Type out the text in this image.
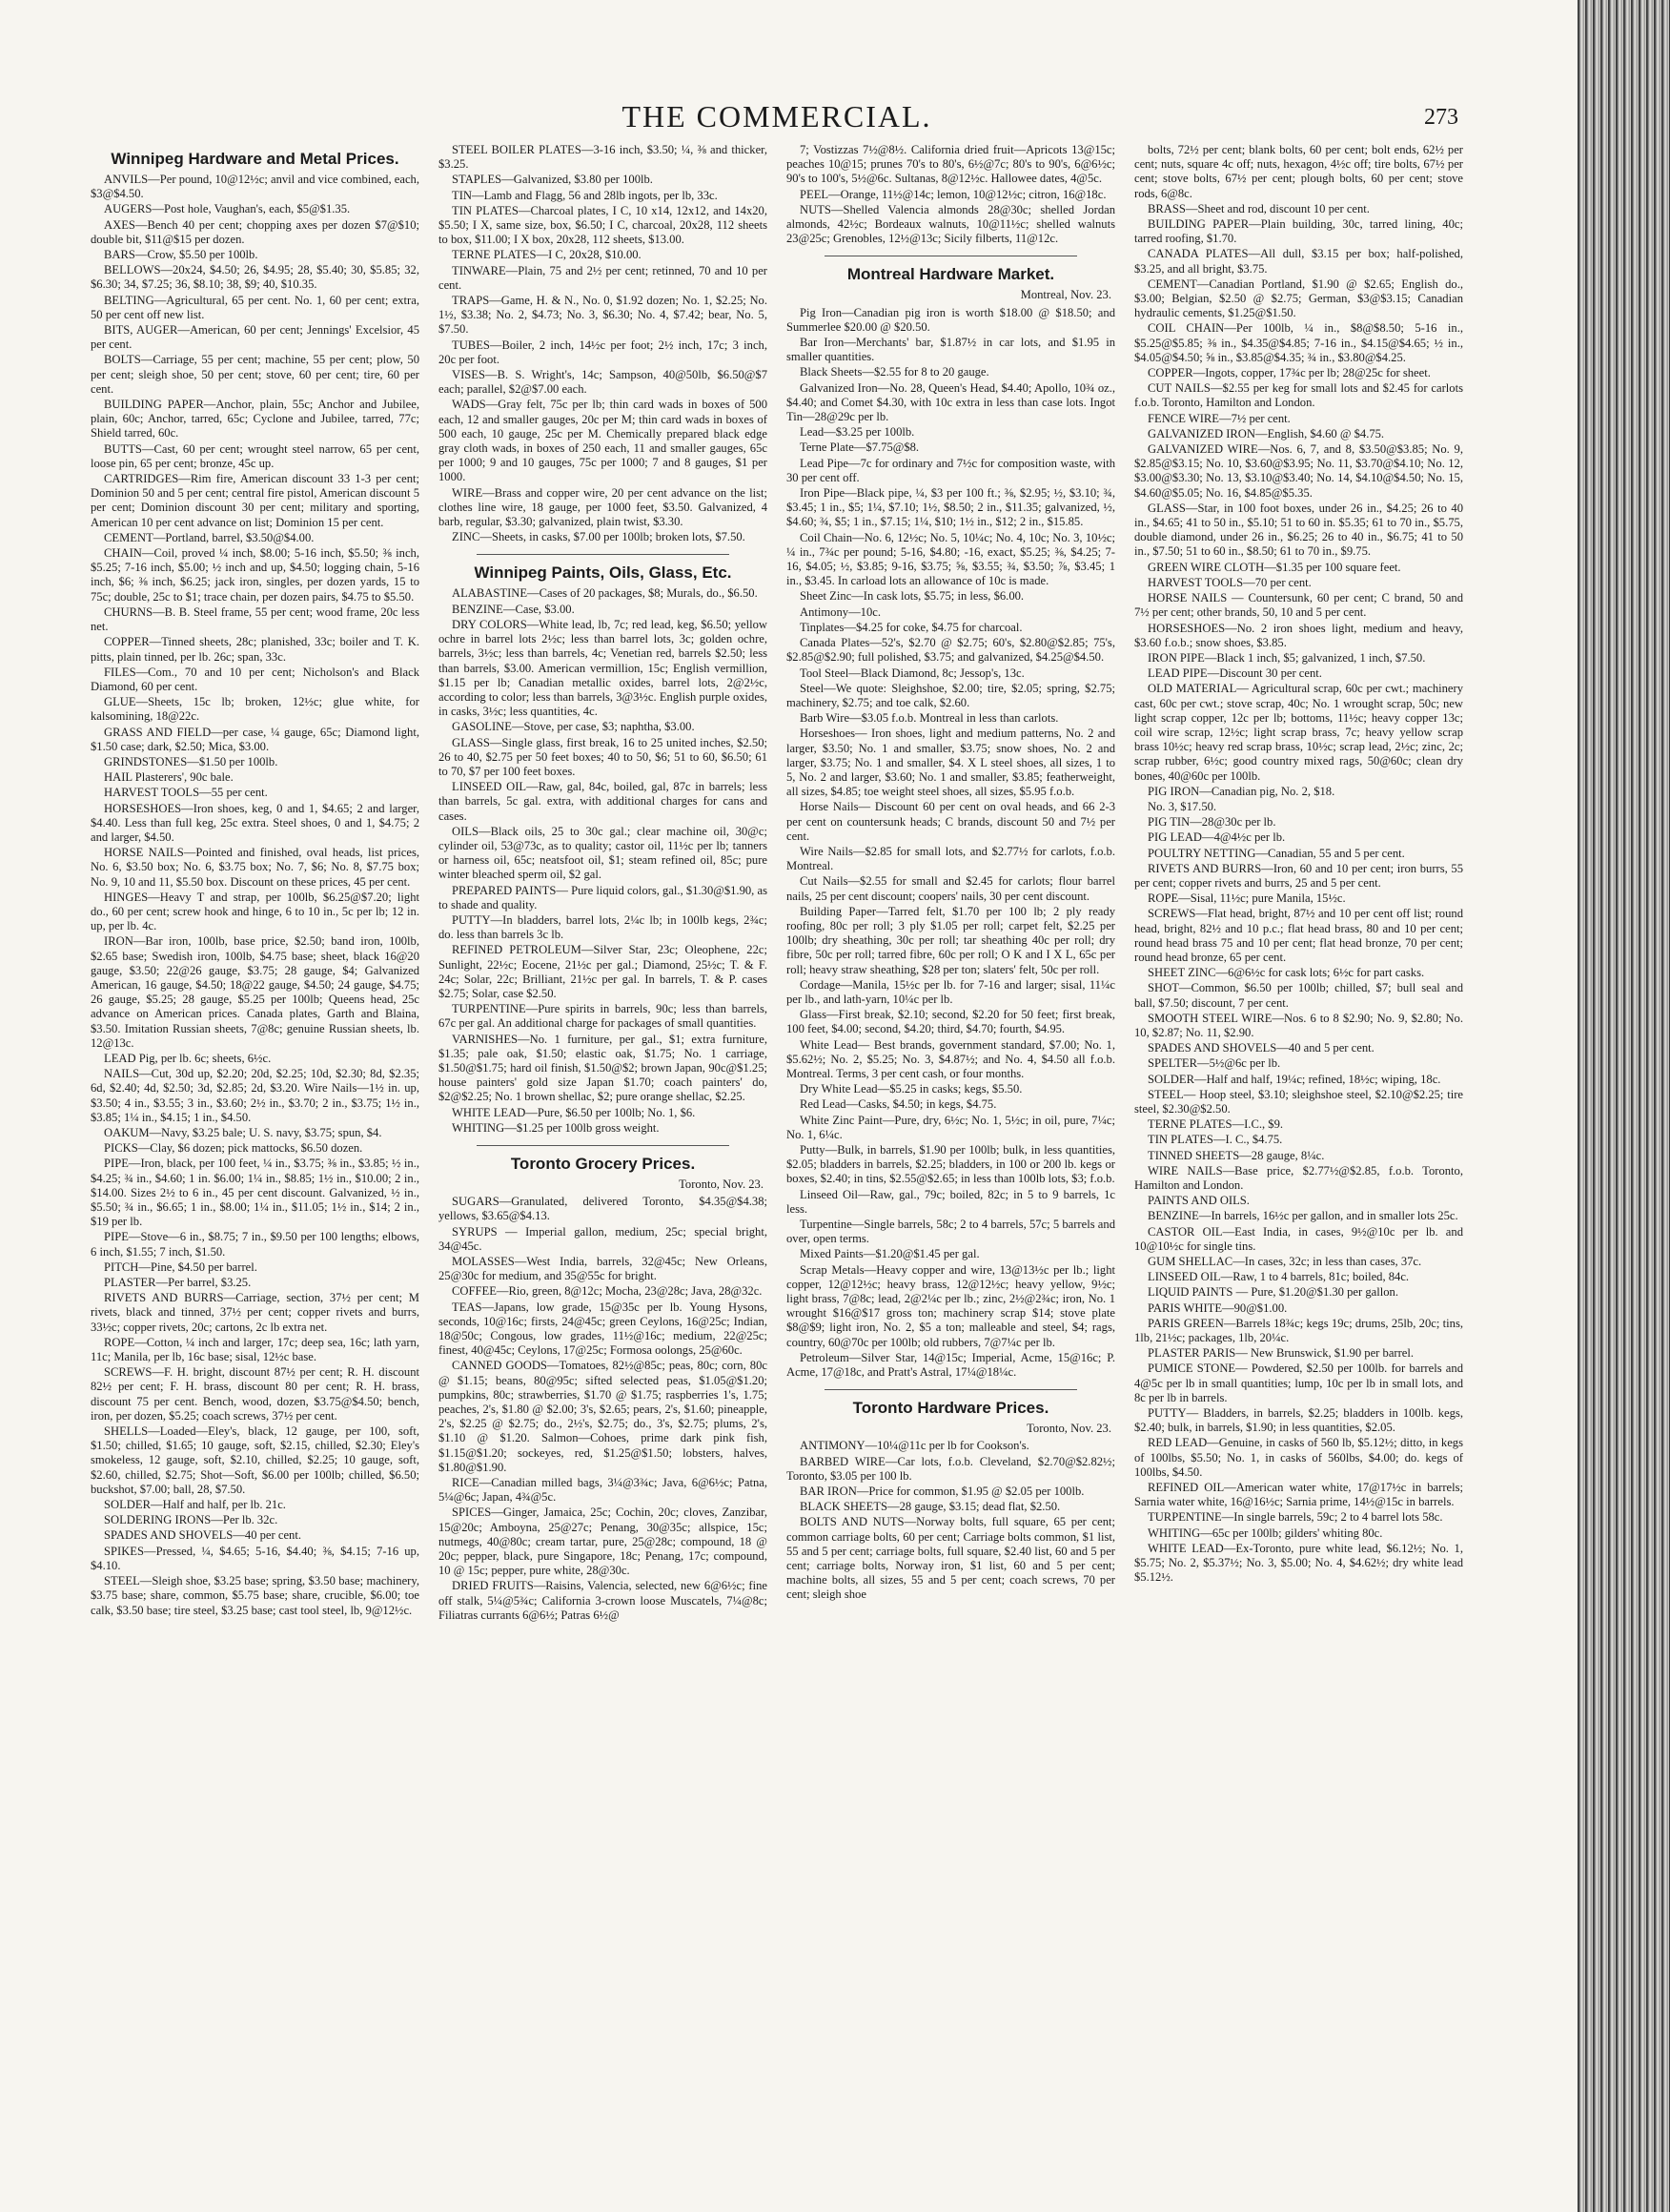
THE COMMERCIAL.	273
Winnipeg Hardware and Metal Prices.

ANVILS—Per pound, 10@12½c; anvil and vice combined, each, $3@$4.50.

AUGERS—Post hole, Vaughan's, each, $5@$1.35.

AXES—Bench 40 per cent; chopping axes per dozen $7@$10; double bit, $11@$15 per dozen.

BARS—Crow, $5.50 per 100lb.

BELLOWS—20x24, $4.50; 26, $4.95; 28, $5.40; 30, $5.85; 32, $6.30; 34, $7.25; 36, $8.10; 38, $9; 40, $10.35.

BELTING—Agricultural, 65 per cent. No. 1, 60 per cent; extra, 50 per cent off new list.

BITS, AUGER—American, 60 per cent; Jennings' Excelsior, 45 per cent.

BOLTS—Carriage, 55 per cent; machine, 55 per cent; plow, 50 per cent; sleigh shoe, 50 per cent; stove, 60 per cent; tire, 60 per cent.

BUILDING PAPER—Anchor, plain, 55c; Anchor and Jubilee, plain, 60c; Anchor, tarred, 65c; Cyclone and Jubilee, tarred, 77c; Shield tarred, 60c.

BUTTS—Cast, 60 per cent; wrought steel narrow, 65 per cent, loose pin, 65 per cent; bronze, 45c up.

CARTRIDGES—Rim fire, American discount 33 1-3 per cent; Dominion 50 and 5 per cent; central fire pistol, American discount 5 per cent; Dominion discount 30 per cent; military and sporting, American 10 per cent advance on list; Dominion 15 per cent.

CEMENT—Portland, barrel, $3.50@$4.00.

CHAIN—Coil, proved ¼ inch, $8.00; 5-16 inch, $5.50; ⅜ inch, $5.25; 7-16 inch, $5.00; ½ inch and up, $4.50; logging chain, 5-16 inch, $6; ⅜ inch, $6.25; jack iron, singles, per dozen yards, 15 to 75c; double, 25c to $1; trace chain, per dozen pairs, $4.75 to $5.50.

CHURNS—B. B. Steel frame, 55 per cent; wood frame, 20c less net.

COPPER—Tinned sheets, 28c; planished, 33c; boiler and T. K. pitts, plain tinned, per lb. 26c; span, 33c.

FILES—Com., 70 and 10 per cent; Nicholson's and Black Diamond, 60 per cent.

GLUE—Sheets, 15c lb; broken, 12½c; glue white, for kalsomining, 18@22c.

GRASS AND FIELD—per case, ¼ gauge, 65c; Diamond light, $1.50 case; dark, $2.50; Mica, $3.00.

GRINDSTONES—$1.50 per 100lb.

HAIL Plasterers', 90c bale.

HARVEST TOOLS—55 per cent.

HORSESHOES—Iron shoes, keg, 0 and 1, $4.65; 2 and larger, $4.40. Less than full keg, 25c extra. Steel shoes, 0 and 1, $4.75; 2 and larger, $4.50.

HORSE NAILS—Pointed and finished, oval heads, list prices, No. 6, $3.50 box; No. 6, $3.75 box; No. 7, $6; No. 8, $7.75 box; No. 9, 10 and 11, $5.50 box. Discount on these prices, 45 per cent.

HINGES—Heavy T and strap, per 100lb, $6.25@$7.20; light do., 60 per cent; screw hook and hinge, 6 to 10 in., 5c per lb; 12 in. up, per lb. 4c.

IRON—Bar iron, 100lb, base price, $2.50; band iron, 100lb, $2.65 base; Swedish iron, 100lb, $4.75 base; sheet, black 16@20 gauge, $3.50; 22@26 gauge, $3.75; 28 gauge, $4; Galvanized American, 16 gauge, $4.50; 18@22 gauge, $4.50; 24 gauge, $4.75; 26 gauge, $5.25; 28 gauge, $5.25 per 100lb; Queens head, 25c advance on American prices. Canada plates, Garth and Blaina, $3.50. Imitation Russian sheets, 7@8c; genuine Russian sheets, lb. 12@13c.

LEAD Pig, per lb. 6c; sheets, 6½c.

NAILS—Cut, 30d up, $2.20; 20d, $2.25; 10d, $2.30; 8d, $2.35; 6d, $2.40; 4d, $2.50; 3d, $2.85; 2d, $3.20. Wire Nails—1½ in. up, $3.50; 4 in., $3.55; 3 in., $3.60; 2½ in., $3.70; 2 in., $3.75; 1½ in., $3.85; 1¼ in., $4.15; 1 in., $4.50.

OAKUM—Navy, $3.25 bale; U. S. navy, $3.75; spun, $4.

PICKS—Clay, $6 dozen; pick mattocks, $6.50 dozen.

PIPE—Iron, black, per 100 feet, ¼ in., $3.75; ⅜ in., $3.85; ½ in., $4.25; ¾ in., $4.60; 1 in. $6.00; 1¼ in., $8.85; 1½ in., $10.00; 2 in., $14.00. Sizes 2½ to 6 in., 45 per cent discount. Galvanized, ½ in., $5.50; ¾ in., $6.65; 1 in., $8.00; 1¼ in., $11.05; 1½ in., $14; 2 in., $19 per lb.

PIPE—Stove—6 in., $8.75; 7 in., $9.50 per 100 lengths; elbows, 6 inch, $1.55; 7 inch, $1.50.

PITCH—Pine, $4.50 per barrel.

PLASTER—Per barrel, $3.25.

RIVETS AND BURRS—Carriage, section, 37½ per cent; M rivets, black and tinned, 37½ per cent; copper rivets and burrs, 33½c; copper rivets, 20c; cartons, 2c lb extra net.

ROPE—Cotton, ¼ inch and larger, 17c; deep sea, 16c; lath yarn, 11c; Manila, per lb, 16c base; sisal, 12½c base.

SCREWS—F. H. bright, discount 87½ per cent; R. H. discount 82½ per cent; F. H. brass, discount 80 per cent; R. H. brass, discount 75 per cent. Bench, wood, dozen, $3.75@$4.50; bench, iron, per dozen, $5.25; coach screws, 37½ per cent.

SHELLS—Loaded—Eley's, black, 12 gauge, per 100, soft, $1.50; chilled, $1.65; 10 gauge, soft, $2.15, chilled, $2.30; Eley's smokeless, 12 gauge, soft, $2.10, chilled, $2.25; 10 gauge, soft, $2.60, chilled, $2.75; Shot—Soft, $6.00 per 100lb; chilled, $6.50; buckshot, $7.00; ball, 28, $7.50.

SOLDER—Half and half, per lb. 21c.

SOLDERING IRONS—Per lb. 32c.

SPADES AND SHOVELS—40 per cent.

SPIKES—Pressed, ¼, $4.65; 5-16, $4.40; ⅜, $4.15; 7-16 up, $4.10.

STEEL—Sleigh shoe, $3.25 base; spring, $3.50 base; machinery, $3.75 base; share, common, $5.75 base; share, crucible, $6.00; toe calk, $3.50 base; tire steel, $3.25 base; cast tool steel, lb, 9@12½c.

STEEL BOILER PLATES—3-16 inch, $3.50; ¼, ⅜ and thicker, $3.25.

STAPLES—Galvanized, $3.80 per 100lb.

TIN—Lamb and Flagg, 56 and 28lb ingots, per lb, 33c.

TIN PLATES—Charcoal plates, I C, 10 x14, 12x12, and 14x20, $5.50; I X, same size, box, $6.50; I C, charcoal, 20x28, 112 sheets to box, $11.00; I X box, 20x28, 112 sheets, $13.00.

TERNE PLATES—I C, 20x28, $10.00.

TINWARE—Plain, 75 and 2½ per cent; retinned, 70 and 10 per cent.

TRAPS—Game, H. & N., No. 0, $1.92 dozen; No. 1, $2.25; No. 1½, $3.38; No. 2, $4.73; No. 3, $6.30; No. 4, $7.42; bear, No. 5, $7.50.

TUBES—Boiler, 2 inch, 14½c per foot; 2½ inch, 17c; 3 inch, 20c per foot.

VISES—B. S. Wright's, 14c; Sampson, 40@50lb, $6.50@$7 each; parallel, $2@$7.00 each.

WADS—Gray felt, 75c per lb; thin card wads in boxes of 500 each, 12 and smaller gauges, 20c per M; thin card wads in boxes of 500 each, 10 gauge, 25c per M. Chemically prepared black edge gray cloth wads, in boxes of 250 each, 11 and smaller gauges, 65c per 1000; 9 and 10 gauges, 75c per 1000; 7 and 8 gauges, $1 per 1000.

WIRE—Brass and copper wire, 20 per cent advance on the list; clothes line wire, 18 gauge, per 1000 feet, $3.50. Galvanized, 4 barb, regular, $3.30; galvanized, plain twist, $3.30.

ZINC—Sheets, in casks, $7.00 per 100lb; broken lots, $7.50.

Winnipeg Paints, Oils, Glass, Etc.

ALABASTINE—Cases of 20 packages, $8; Murals, do., $6.50.

BENZINE—Case, $3.00.

DRY COLORS—White lead, lb, 7c; red lead, keg, $6.50; yellow ochre in barrel lots 2½c; less than barrel lots, 3c; golden ochre, barrels, 3½c; less than barrels, 4c; Venetian red, barrels $2.50; less than barrels, $3.00. American vermillion, 15c; English vermillion, $1.15 per lb; Canadian metallic oxides, barrel lots, 2@2½c, according to color; less than barrels, 3@3½c. English purple oxides, in casks, 3½c; less quantities, 4c.

GASOLINE—Stove, per case, $3; naphtha, $3.00.

GLASS—Single glass, first break, 16 to 25 united inches, $2.50; 26 to 40, $2.75 per 50 feet boxes; 40 to 50, $6; 51 to 60, $6.50; 61 to 70, $7 per 100 feet boxes.

LINSEED OIL—Raw, gal, 84c, boiled, gal, 87c in barrels; less than barrels, 5c gal. extra, with additional charges for cans and cases.

OILS—Black oils, 25 to 30c gal.; clear machine oil, 30@c; cylinder oil, 53@73c, as to quality; castor oil, 11½c per lb; tanners or harness oil, 65c; neatsfoot oil, $1; steam refined oil, 85c; pure winter bleached sperm oil, $2 gal.

PREPARED PAINTS— Pure liquid colors, gal., $1.30@$1.90, as to shade and quality.

PUTTY—In bladders, barrel lots, 2¼c lb; in 100lb kegs, 2¾c; do. less than barrels 3c lb.

REFINED PETROLEUM—Silver Star, 23c; Oleophene, 22c; Sunlight, 22½c; Eocene, 21½c per gal.; Diamond, 25½c; T. & F. 24c; Solar, 22c; Brilliant, 21½c per gal. In barrels, T. & P. cases $2.75; Solar, case $2.50.

TURPENTINE—Pure spirits in barrels, 90c; less than barrels, 67c per gal. An additional charge for packages of small quantities.

VARNISHES—No. 1 furniture, per gal., $1; extra furniture, $1.35; pale oak, $1.50; elastic oak, $1.75; No. 1 carriage, $1.50@$1.75; hard oil finish, $1.50@$2; brown Japan, 90c@$1.25; house painters' gold size Japan $1.70; coach painters' do, $2@$2.25; No. 1 brown shellac, $2; pure orange shellac, $2.25.

WHITE LEAD—Pure, $6.50 per 100lb; No. 1, $6.

WHITING—$1.25 per 100lb gross weight.

Toronto Grocery Prices.
Toronto, Nov. 23.

SUGARS—Granulated, delivered Toronto, $4.35@$4.38; yellows, $3.65@$4.13.

SYRUPS — Imperial gallon, medium, 25c; special bright, 34@45c.

MOLASSES—West India, barrels, 32@45c; New Orleans, 25@30c for medium, and 35@55c for bright.

COFFEE—Rio, green, 8@12c; Mocha, 23@28c; Java, 28@32c.

TEAS—Japans, low grade, 15@35c per lb. Young Hysons, seconds, 10@16c; firsts, 24@45c; green Ceylons, 16@25c; Indian, 18@50c; Congous, low grades, 11½@16c; medium, 22@25c; finest, 40@45c; Ceylons, 17@25c; Formosa oolongs, 25@60c.

CANNED GOODS—Tomatoes, 82½@85c; peas, 80c; corn, 80c @ $1.15; beans, 80@95c; sifted selected peas, $1.05@$1.20; pumpkins, 80c; strawberries, $1.70 @ $1.75; raspberries 1's, 1.75; peaches, 2's, $1.80 @ $2.00; 3's, $2.65; pears, 2's, $1.60; pineapple, 2's, $2.25 @ $2.75; do., 2½'s, $2.75; do., 3's, $2.75; plums, 2's, $1.10 @ $1.20. Salmon—Cohoes, prime dark pink fish, $1.15@$1.20; sockeyes, red, $1.25@$1.50; lobsters, halves, $1.80@$1.90.

RICE—Canadian milled bags, 3¼@3¾c; Java, 6@6½c; Patna, 5¼@6c; Japan, 4¾@5c.

SPICES—Ginger, Jamaica, 25c; Cochin, 20c; cloves, Zanzibar, 15@20c; Amboyna, 25@27c; Penang, 30@35c; allspice, 15c; nutmegs, 40@80c; cream tartar, pure, 25@28c; compound, 18 @ 20c; pepper, black, pure Singapore, 18c; Penang, 17c; compound, 10 @ 15c; pepper, pure white, 28@30c.

DRIED FRUITS—Raisins, Valencia, selected, new 6@6½c; fine off stalk, 5¼@5¾c; California 3-crown loose Muscatels, 7¼@8c; Filiatras currants 6@6½; Patras 6½@

7; Vostizzas 7½@8½. California dried fruit—Apricots 13@15c; peaches 10@15; prunes 70's to 80's, 6½@7c; 80's to 90's, 6@6½c; 90's to 100's, 5½@6c. Sultanas, 8@12½c. Hallowee dates, 4@5c.

PEEL—Orange, 11½@14c; lemon, 10@12½c; citron, 16@18c.

NUTS—Shelled Valencia almonds 28@30c; shelled Jordan almonds, 42½c; Bordeaux walnuts, 10@11½c; shelled walnuts 23@25c; Grenobles, 12½@13c; Sicily filberts, 11@12c.

Montreal Hardware Market.
Montreal, Nov. 23.

Pig Iron—Canadian pig iron is worth $18.00 @ $18.50; and Summerlee $20.00 @ $20.50.

Bar Iron—Merchants' bar, $1.87½ in car lots, and $1.95 in smaller quantities.

Black Sheets—$2.55 for 8 to 20 gauge.

Galvanized Iron—No. 28, Queen's Head, $4.40; Apollo, 10¾ oz., $4.40; and Comet $4.30, with 10c extra in less than case lots. Ingot Tin—28@29c per lb.

Lead—$3.25 per 100lb.

Terne Plate—$7.75@$8.

Lead Pipe—7c for ordinary and 7½c for composition waste, with 30 per cent off.

Iron Pipe—Black pipe, ¼, $3 per 100 ft.; ⅜, $2.95; ½, $3.10; ¾, $3.45; 1 in., $5; 1¼, $7.10; 1½, $8.50; 2 in., $11.35; galvanized, ½, $4.60; ¾, $5; 1 in., $7.15; 1¼, $10; 1½ in., $12; 2 in., $15.85.

Coil Chain—No. 6, 12½c; No. 5, 10¼c; No. 4, 10c; No. 3, 10½c; ¼ in., 7¾c per pound; 5-16, $4.80; -16, exact, $5.25; ⅜, $4.25; 7-16, $4.05; ½, $3.85; 9-16, $3.75; ⅝, $3.55; ¾, $3.50; ⅞, $3.45; 1 in., $3.45. In carload lots an allowance of 10c is made.

Sheet Zinc—In cask lots, $5.75; in less, $6.00.

Antimony—10c.

Tinplates—$4.25 for coke, $4.75 for charcoal.

Canada Plates—52's, $2.70 @ $2.75; 60's, $2.80@$2.85; 75's, $2.85@$2.90; full polished, $3.75; and galvanized, $4.25@$4.50.

Tool Steel—Black Diamond, 8c; Jessop's, 13c.

Steel—We quote: Sleighshoe, $2.00; tire, $2.05; spring, $2.75; machinery, $2.75; and toe calk, $2.60.

Barb Wire—$3.05 f.o.b. Montreal in less than carlots.

Horseshoes— Iron shoes, light and medium patterns, No. 2 and larger, $3.50; No. 1 and smaller, $3.75; snow shoes, No. 2 and larger, $3.75; No. 1 and smaller, $4. X L steel shoes, all sizes, 1 to 5, No. 2 and larger, $3.60; No. 1 and smaller, $3.85; featherweight, all sizes, $4.85; toe weight steel shoes, all sizes, $5.95 f.o.b.

Horse Nails— Discount 60 per cent on oval heads, and 66 2-3 per cent on countersunk heads; C brands, discount 50 and 7½ per cent.

Wire Nails—$2.85 for small lots, and $2.77½ for carlots, f.o.b. Montreal.

Cut Nails—$2.55 for small and $2.45 for carlots; flour barrel nails, 25 per cent discount; coopers' nails, 30 per cent discount.

Building Paper—Tarred felt, $1.70 per 100 lb; 2 ply ready roofing, 80c per roll; 3 ply $1.05 per roll; carpet felt, $2.25 per 100lb; dry sheathing, 30c per roll; tar sheathing 40c per roll; dry fibre, 50c per roll; tarred fibre, 60c per roll; O K and I X L, 65c per roll; heavy straw sheathing, $28 per ton; slaters' felt, 50c per roll.

Cordage—Manila, 15½c per lb. for 7-16 and larger; sisal, 11¼c per lb., and lath-yarn, 10¼c per lb.

Glass—First break, $2.10; second, $2.20 for 50 feet; first break, 100 feet, $4.00; second, $4.20; third, $4.70; fourth, $4.95.

White Lead— Best brands, government standard, $7.00; No. 1, $5.62½; No. 2, $5.25; No. 3, $4.87½; and No. 4, $4.50 all f.o.b. Montreal. Terms, 3 per cent cash, or four months.

Dry White Lead—$5.25 in casks; kegs, $5.50.

Red Lead—Casks, $4.50; in kegs, $4.75.

White Zinc Paint—Pure, dry, 6½c; No. 1, 5½c; in oil, pure, 7¼c; No. 1, 6¼c.

Putty—Bulk, in barrels, $1.90 per 100lb; bulk, in less quantities, $2.05; bladders in barrels, $2.25; bladders, in 100 or 200 lb. kegs or boxes, $2.40; in tins, $2.55@$2.65; in less than 100lb lots, $3; f.o.b.

Linseed Oil—Raw, gal., 79c; boiled, 82c; in 5 to 9 barrels, 1c less.

Turpentine—Single barrels, 58c; 2 to 4 barrels, 57c; 5 barrels and over, open terms.

Mixed Paints—$1.20@$1.45 per gal.

Scrap Metals—Heavy copper and wire, 13@13½c per lb.; light copper, 12@12½c; heavy brass, 12@12½c; heavy yellow, 9½c; light brass, 7@8c; lead, 2@2¼c per lb.; zinc, 2½@2¾c; iron, No. 1 wrought $16@$17 gross ton; machinery scrap $14; stove plate $8@$9; light iron, No. 2, $5 a ton; malleable and steel, $4; rags, country, 60@70c per 100lb; old rubbers, 7@7¼c per lb.

Petroleum—Silver Star, 14@15c; Imperial, Acme, 15@16c; P. Acme, 17@18c, and Pratt's Astral, 17¼@18¼c.

Toronto Hardware Prices.
Toronto, Nov. 23.

ANTIMONY—10¼@11c per lb for Cookson's.

BARBED WIRE—Car lots, f.o.b. Cleveland, $2.70@$2.82½; Toronto, $3.05 per 100 lb.

BAR IRON—Price for common, $1.95 @ $2.05 per 100lb.

BLACK SHEETS—28 gauge, $3.15; dead flat, $2.50.

BOLTS AND NUTS—Norway bolts, full square, 65 per cent; common carriage bolts, 60 per cent; Carriage bolts common, $1 list, 55 and 5 per cent; carriage bolts, full square, $2.40 list, 60 and 5 per cent; carriage bolts, Norway iron, $1 list, 60 and 5 per cent; machine bolts, all sizes, 55 and 5 per cent; coach screws, 70 per cent; sleigh shoe

bolts, 72½ per cent; blank bolts, 60 per cent; bolt ends, 62½ per cent; nuts, square 4c off; nuts, hexagon, 4½c off; tire bolts, 67½ per cent; stove bolts, 67½ per cent; plough bolts, 60 per cent; stove rods, 6@8c.

BRASS—Sheet and rod, discount 10 per cent.

BUILDING PAPER—Plain building, 30c, tarred lining, 40c; tarred roofing, $1.70.

CANADA PLATES—All dull, $3.15 per box; half-polished, $3.25, and all bright, $3.75.

CEMENT—Canadian Portland, $1.90 @ $2.65; English do., $3.00; Belgian, $2.50 @ $2.75; German, $3@$3.15; Canadian hydraulic cements, $1.25@$1.50.

COIL CHAIN—Per 100lb, ¼ in., $8@$8.50; 5-16 in., $5.25@$5.85; ⅜ in., $4.35@$4.85; 7-16 in., $4.15@$4.65; ½ in., $4.05@$4.50; ⅝ in., $3.85@$4.35; ¾ in., $3.80@$4.25.

COPPER—Ingots, copper, 17¾c per lb; 28@25c for sheet.

CUT NAILS—$2.55 per keg for small lots and $2.45 for carlots f.o.b. Toronto, Hamilton and London.

FENCE WIRE—7½ per cent.

GALVANIZED IRON—English, $4.60 @ $4.75.

GALVANIZED WIRE—Nos. 6, 7, and 8, $3.50@$3.85; No. 9, $2.85@$3.15; No. 10, $3.60@$3.95; No. 11, $3.70@$4.10; No. 12, $3.00@$3.30; No. 13, $3.10@$3.40; No. 14, $4.10@$4.50; No. 15, $4.60@$5.05; No. 16, $4.85@$5.35.

GLASS—Star, in 100 foot boxes, under 26 in., $4.25; 26 to 40 in., $4.65; 41 to 50 in., $5.10; 51 to 60 in. $5.35; 61 to 70 in., $5.75, double diamond, under 26 in., $6.25; 26 to 40 in., $6.75; 41 to 50 in., $7.50; 51 to 60 in., $8.50; 61 to 70 in., $9.75.

GREEN WIRE CLOTH—$1.35 per 100 square feet.

HARVEST TOOLS—70 per cent.

HORSE NAILS — Countersunk, 60 per cent; C brand, 50 and 7½ per cent; other brands, 50, 10 and 5 per cent.

HORSESHOES—No. 2 iron shoes light, medium and heavy, $3.60 f.o.b.; snow shoes, $3.85.

IRON PIPE—Black 1 inch, $5; galvanized, 1 inch, $7.50.

LEAD PIPE—Discount 30 per cent.

OLD MATERIAL— Agricultural scrap, 60c per cwt.; machinery cast, 60c per cwt.; stove scrap, 40c; No. 1 wrought scrap, 50c; new light scrap copper, 12c per lb; bottoms, 11½c; heavy copper 13c; coil wire scrap, 12½c; light scrap brass, 7c; heavy yellow scrap brass 10½c; heavy red scrap brass, 10½c; scrap lead, 2½c; zinc, 2c; scrap rubber, 6½c; good country mixed rags, 50@60c; clean dry bones, 40@60c per 100lb.

PIG IRON—Canadian pig, No. 2, $18.

No. 3, $17.50.

PIG TIN—28@30c per lb.

PIG LEAD—4@4½c per lb.

POULTRY NETTING—Canadian, 55 and 5 per cent.

RIVETS AND BURRS—Iron, 60 and 10 per cent; iron burrs, 55 per cent; copper rivets and burrs, 25 and 5 per cent.

ROPE—Sisal, 11½c; pure Manila, 15½c.

SCREWS—Flat head, bright, 87½ and 10 per cent off list; round head, bright, 82½ and 10 p.c.; flat head brass, 80 and 10 per cent; round head brass 75 and 10 per cent; flat head bronze, 70 per cent; round head bronze, 65 per cent.

SHEET ZINC—6@6½c for cask lots; 6½c for part casks.

SHOT—Common, $6.50 per 100lb; chilled, $7; bull seal and ball, $7.50; discount, 7 per cent.

SMOOTH STEEL WIRE—Nos. 6 to 8 $2.90; No. 9, $2.80; No. 10, $2.87; No. 11, $2.90.

SPADES AND SHOVELS—40 and 5 per cent.

SPELTER—5½@6c per lb.

SOLDER—Half and half, 19¼c; refined, 18½c; wiping, 18c.

STEEL— Hoop steel, $3.10; sleighshoe steel, $2.10@$2.25; tire steel, $2.30@$2.50.

TERNE PLATES—I.C., $9.

TIN PLATES—I. C., $4.75.

TINNED SHEETS—28 gauge, 8¼c.

WIRE NAILS—Base price, $2.77½@$2.85, f.o.b. Toronto, Hamilton and London.

PAINTS AND OILS.

BENZINE—In barrels, 16½c per gallon, and in smaller lots 25c.

CASTOR OIL—East India, in cases, 9½@10c per lb. and 10@10½c for single tins.

GUM SHELLAC—In cases, 32c; in less than cases, 37c.

LINSEED OIL—Raw, 1 to 4 barrels, 81c; boiled, 84c.

LIQUID PAINTS — Pure, $1.20@$1.30 per gallon.

PARIS WHITE—90@$1.00.

PARIS GREEN—Barrels 18¾c; kegs 19c; drums, 25lb, 20c; tins, 1lb, 21½c; packages, 1lb, 20¼c.

PLASTER PARIS— New Brunswick, $1.90 per barrel.

PUMICE STONE— Powdered, $2.50 per 100lb. for barrels and 4@5c per lb in small quantities; lump, 10c per lb in small lots, and 8c per lb in barrels.

PUTTY— Bladders, in barrels, $2.25; bladders in 100lb. kegs, $2.40; bulk, in barrels, $1.90; in less quantities, $2.05.

RED LEAD—Genuine, in casks of 560 lb, $5.12½; ditto, in kegs of 100lbs, $5.50; No. 1, in casks of 560lbs, $4.00; do. kegs of 100lbs, $4.50.

REFINED OIL—American water white, 17@17½c in barrels; Sarnia water white, 16@16½c; Sarnia prime, 14½@15c in barrels.

TURPENTINE—In single barrels, 59c; 2 to 4 barrel lots 58c.

WHITING—65c per 100lb; gilders' whiting 80c.

WHITE LEAD—Ex-Toronto, pure white lead, $6.12½; No. 1, $5.75; No. 2, $5.37½; No. 3, $5.00; No. 4, $4.62½; dry white lead $5.12½.
